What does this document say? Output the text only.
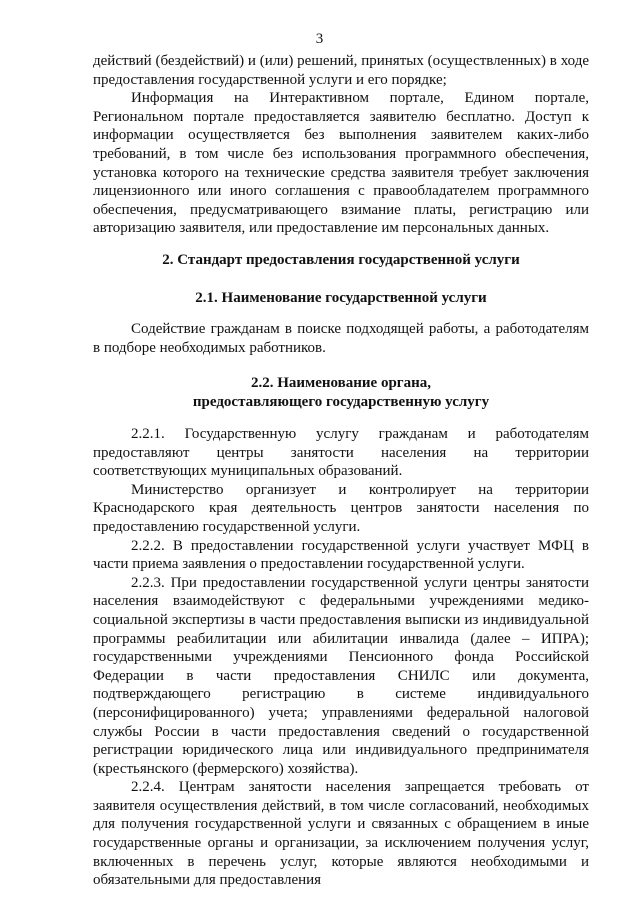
3

действий (бездействий) и (или) решений, принятых (осуществленных) в ходе предоставления государственной услуги и его порядке;

Информация на Интерактивном портале, Едином портале, Региональном портале предоставляется заявителю бесплатно. Доступ к информации осуществляется без выполнения заявителем каких-либо требований, в том числе без использования программного обеспечения, установка которого на технические средства заявителя требует заключения лицензионного или иного соглашения с правообладателем программного обеспечения, предусматривающего взимание платы, регистрацию или авторизацию заявителя, или предоставление им персональных данных.

2. Стандарт предоставления государственной услуги
2.1. Наименование государственной услуги

Содействие гражданам в поиске подходящей работы, а работодателям в подборе необходимых работников.

2.2. Наименование органа,
предоставляющего государственную услугу

2.2.1. Государственную услугу гражданам и работодателям предоставляют центры занятости населения на территории соответствующих муниципальных образований.

Министерство организует и контролирует на территории Краснодарского края деятельность центров занятости населения по предоставлению государственной услуги.

2.2.2. В предоставлении государственной услуги участвует МФЦ в части приема заявления о предоставлении государственной услуги.

2.2.3. При предоставлении государственной услуги центры занятости населения взаимодействуют с федеральными учреждениями медико-социальной экспертизы в части предоставления выписки из индивидуальной программы реабилитации или абилитации инвалида (далее – ИПРА); государственными учреждениями Пенсионного фонда Российской Федерации в части предоставления СНИЛС или документа, подтверждающего регистрацию в системе индивидуального (персонифицированного) учета; управлениями федеральной налоговой службы России в части предоставления сведений о государственной регистрации юридического лица или индивидуального предпринимателя (крестьянского (фермерского) хозяйства).

2.2.4. Центрам занятости населения запрещается требовать от заявителя осуществления действий, в том числе согласований, необходимых для получения государственной услуги и связанных с обращением в иные государственные органы и организации, за исключением получения услуг, включенных в перечень услуг, которые являются необходимыми и обязательными для предоставления
